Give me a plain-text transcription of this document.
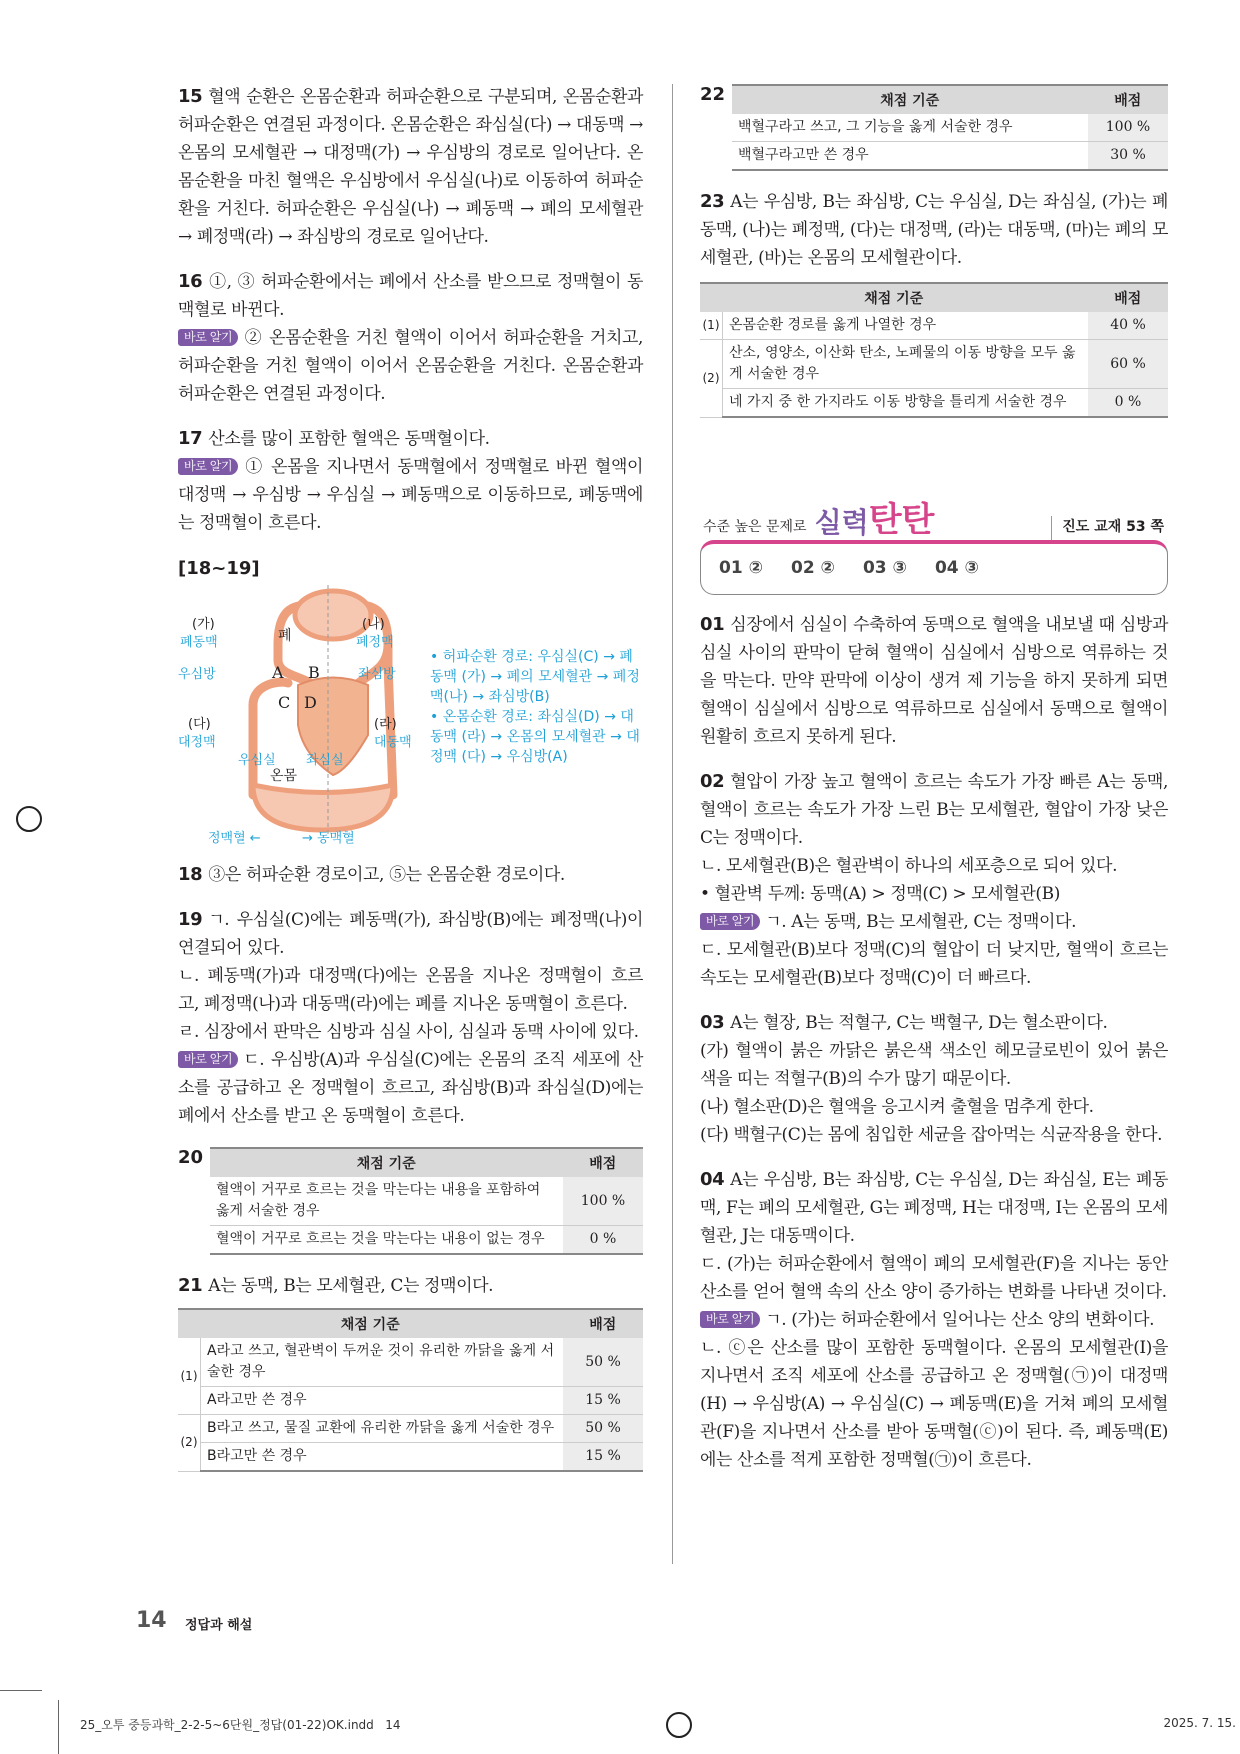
15 혈액 순환은 온몸순환과 허파순환으로 구분되며, 온몸순환과 허파순환은 연결된 과정이다. 온몸순환은 좌심실(다) → 대동맥 → 온몸의 모세혈관 → 대정맥(가) → 우심방의 경로로 일어난다. 온몸순환을 마친 혈액은 우심방에서 우심실(나)로 이동하여 허파순환을 거친다. 허파순환은 우심실(나) → 폐동맥 → 폐의 모세혈관 → 폐정맥(라) → 좌심방의 경로로 일어난다.

16 ①, ③ 허파순환에서는 폐에서 산소를 받으므로 정맥혈이 동맥혈로 바뀐다.

바로 알기 ② 온몸순환을 거친 혈액이 이어서 허파순환을 거치고, 허파순환을 거친 혈액이 이어서 온몸순환을 거친다. 온몸순환과 허파순환은 연결된 과정이다.

17 산소를 많이 포함한 혈액은 동맥혈이다.

바로 알기 ① 온몸을 지나면서 동맥혈에서 정맥혈로 바뀐 혈액이 대정맥 → 우심방 → 우심실 → 폐동맥으로 이동하므로, 폐동맥에는 정맥혈이 흐른다.

[18~19]
폐
온몸
(가)
폐동맥
(나)
폐정맥
우심방	좌심방
A B
C D
(다)
대정맥
우심실 좌심실
(라)
대동맥
정맥혈 ←	→ 동맥혈
• 허파순환 경로: 우심실(C) → 폐동맥 (가) → 폐의 모세혈관 → 폐정맥(나) → 좌심방(B)
• 온몸순환 경로: 좌심실(D) → 대동맥 (라) → 온몸의 모세혈관 → 대정맥 (다) → 우심방(A)

18 ③은 허파순환 경로이고, ⑤는 온몸순환 경로이다.

19 ㄱ. 우심실(C)에는 폐동맥(가), 좌심방(B)에는 폐정맥(나)이 연결되어 있다.

ㄴ. 폐동맥(가)과 대정맥(다)에는 온몸을 지나온 정맥혈이 흐르고, 폐정맥(나)과 대동맥(라)에는 폐를 지나온 동맥혈이 흐른다.

ㄹ. 심장에서 판막은 심방과 심실 사이, 심실과 동맥 사이에 있다.

바로 알기 ㄷ. 우심방(A)과 우심실(C)에는 온몸의 조직 세포에 산소를 공급하고 온 정맥혈이 흐르고, 좌심방(B)과 좌심실(D)에는 폐에서 산소를 받고 온 동맥혈이 흐른다.

20	채점 기준	배점
혈액이 거꾸로 흐르는 것을 막는다는 내용을 포함하여 옳게 서술한 경우	100 %
혈액이 거꾸로 흐르는 것을 막는다는 내용이 없는 경우	0 %

21 A는 동맥, B는 모세혈관, C는 정맥이다.

채점 기준		배점
(1)	A라고 쓰고, 혈관벽이 두꺼운 것이 유리한 까닭을 옳게 서술한 경우	50 %
	A라고만 쓴 경우	15 %
(2)	B라고 쓰고, 물질 교환에 유리한 까닭을 옳게 서술한 경우	50 %
	B라고만 쓴 경우	15 %
22	채점 기준	배점
백혈구라고 쓰고, 그 기능을 옳게 서술한 경우	100 %
백혈구라고만 쓴 경우	30 %

23 A는 우심방, B는 좌심방, C는 우심실, D는 좌심실, (가)는 폐동맥, (나)는 폐정맥, (다)는 대정맥, (라)는 대동맥, (마)는 폐의 모세혈관, (바)는 온몸의 모세혈관이다.

채점 기준		배점
(1)	온몸순환 경로를 옳게 나열한 경우	40 %
(2)	산소, 영양소, 이산화 탄소, 노폐물의 이동 방향을 모두 옳게 서술한 경우	60 %
	네 가지 중 한 가지라도 이동 방향을 틀리게 서술한 경우	0 %
수준 높은 문제로 실력 탄탄	진도 교재 53 쪽
01 ② 02 ② 03 ③ 04 ③

01 심장에서 심실이 수축하여 동맥으로 혈액을 내보낼 때 심방과 심실 사이의 판막이 닫혀 혈액이 심실에서 심방으로 역류하는 것을 막는다. 만약 판막에 이상이 생겨 제 기능을 하지 못하게 되면 혈액이 심실에서 심방으로 역류하므로 심실에서 동맥으로 혈액이 원활히 흐르지 못하게 된다.

02 혈압이 가장 높고 혈액이 흐르는 속도가 가장 빠른 A는 동맥, 혈액이 흐르는 속도가 가장 느린 B는 모세혈관, 혈압이 가장 낮은 C는 정맥이다.

ㄴ. 모세혈관(B)은 혈관벽이 하나의 세포층으로 되어 있다.

• 혈관벽 두께: 동맥(A) > 정맥(C) > 모세혈관(B)

바로 알기 ㄱ. A는 동맥, B는 모세혈관, C는 정맥이다.

ㄷ. 모세혈관(B)보다 정맥(C)의 혈압이 더 낮지만, 혈액이 흐르는 속도는 모세혈관(B)보다 정맥(C)이 더 빠르다.

03 A는 혈장, B는 적혈구, C는 백혈구, D는 혈소판이다.

(가) 혈액이 붉은 까닭은 붉은색 색소인 헤모글로빈이 있어 붉은색을 띠는 적혈구(B)의 수가 많기 때문이다.

(나) 혈소판(D)은 혈액을 응고시켜 출혈을 멈추게 한다.

(다) 백혈구(C)는 몸에 침입한 세균을 잡아먹는 식균작용을 한다.

04 A는 우심방, B는 좌심방, C는 우심실, D는 좌심실, E는 폐동맥, F는 폐의 모세혈관, G는 폐정맥, H는 대정맥, I는 온몸의 모세혈관, J는 대동맥이다.

ㄷ. (가)는 허파순환에서 혈액이 폐의 모세혈관(F)을 지나는 동안 산소를 얻어 혈액 속의 산소 양이 증가하는 변화를 나타낸 것이다.

바로 알기 ㄱ. (가)는 허파순환에서 일어나는 산소 양의 변화이다.

ㄴ. ⓒ은 산소를 많이 포함한 동맥혈이다. 온몸의 모세혈관(I)을 지나면서 조직 세포에 산소를 공급하고 온 정맥혈(㉠)이 대정맥(H) → 우심방(A) → 우심실(C) → 폐동맥(E)을 거쳐 폐의 모세혈관(F)을 지나면서 산소를 받아 동맥혈(ⓒ)이 된다. 즉, 폐동맥(E)에는 산소를 적게 포함한 정맥혈(㉠)이 흐른다.

14 정답과 해설
25_오투 중등과학_2-2-5~6단원_정답(01-22)OK.indd   14	2025. 7. 15.
